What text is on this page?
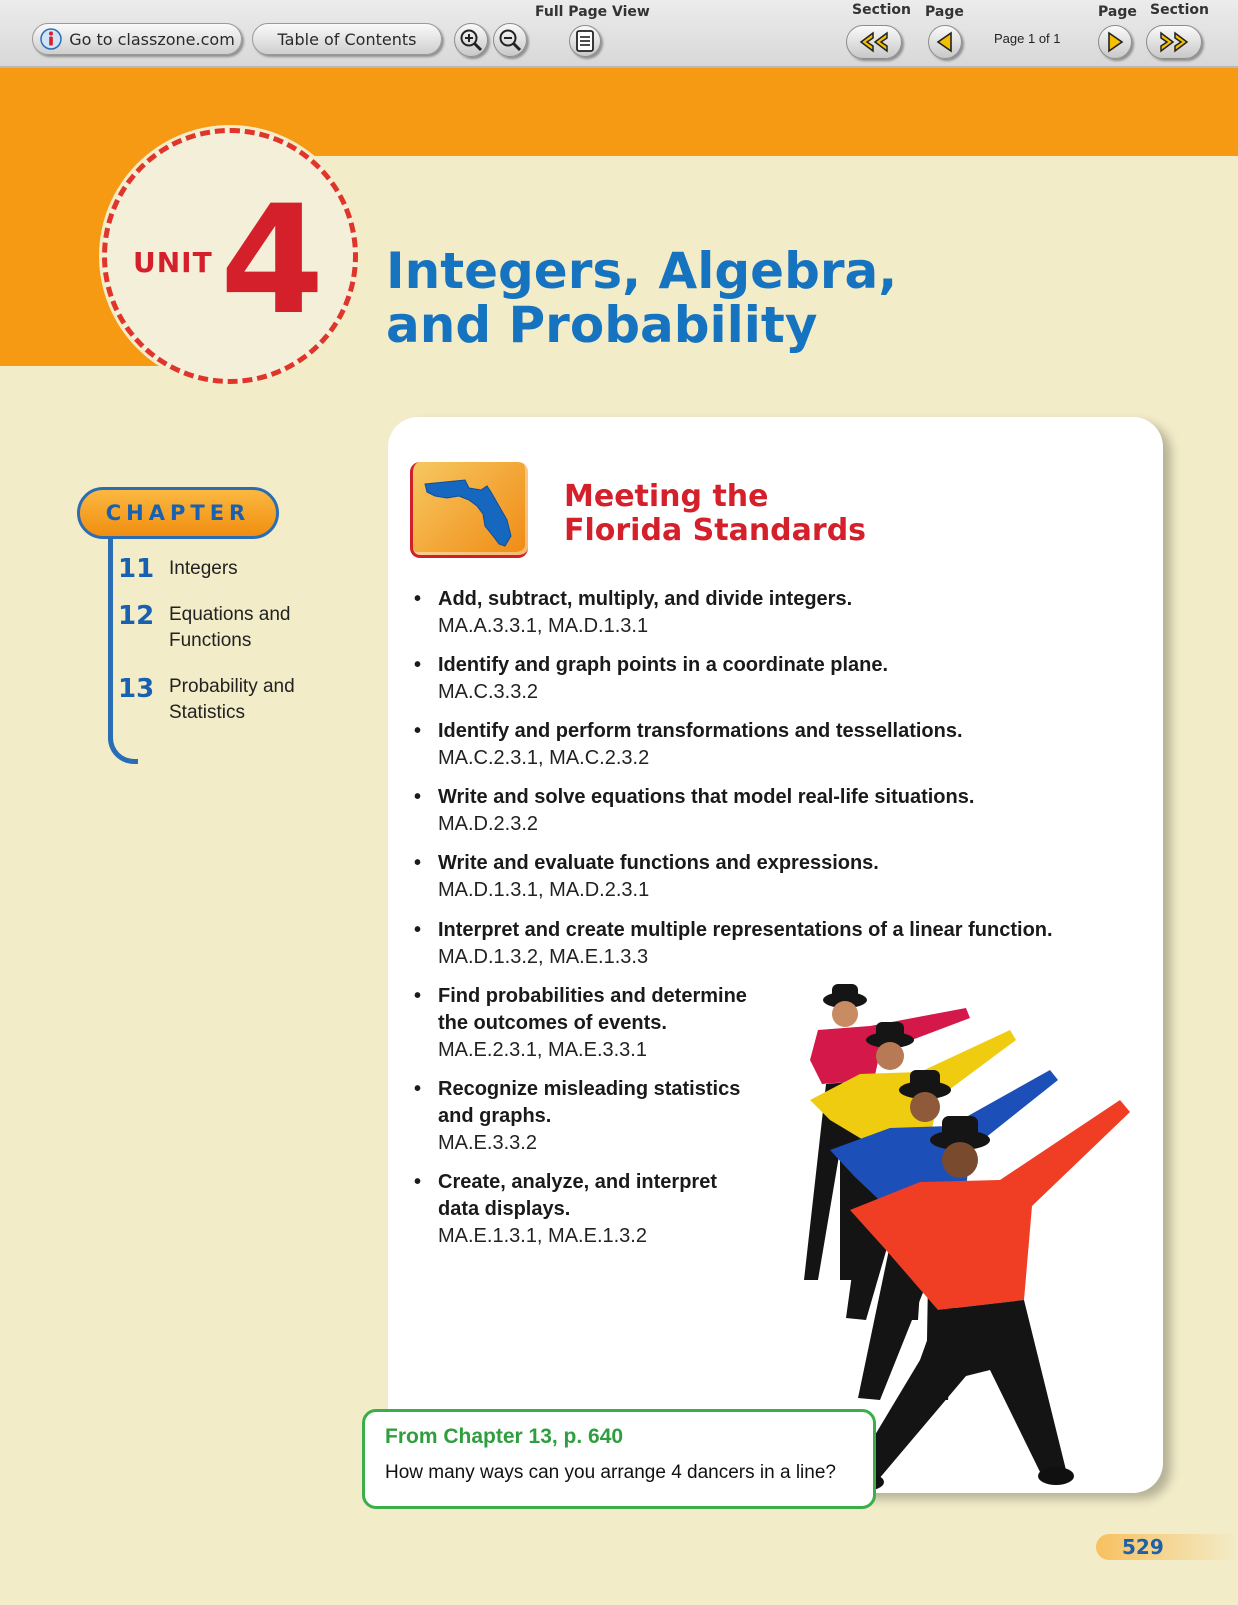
Go to classzone.com	Table of Contents
Full Page View	Section Page
Page 1 of 1
Page Section
UNIT 4 Integers, Algebra,
and Probability
CHAPTER
11 Integers
12 Equations and Functions
13 Probability and Statistics
Meeting the
Florida Standards
• Add, subtract, multiply, and divide integers.
MA.A.3.3.1, MA.D.1.3.1
• Identify and graph points in a coordinate plane.
MA.C.3.3.2
• Identify and perform transformations and tessellations.
MA.C.2.3.1, MA.C.2.3.2
• Write and solve equations that model real-life situations.
MA.D.2.3.2
• Write and evaluate functions and expressions.
MA.D.1.3.1, MA.D.2.3.1
• Interpret and create multiple representations of a linear function.
MA.D.1.3.2, MA.E.1.3.3
• Find probabilities and determine the outcomes of events.
MA.E.2.3.1, MA.E.3.3.1
• Recognize misleading statistics and graphs.
MA.E.3.3.2
• Create, analyze, and interpret data displays.
MA.E.1.3.1, MA.E.1.3.2
From Chapter 13, p. 640
How many ways can you arrange 4 dancers in a line?
529
